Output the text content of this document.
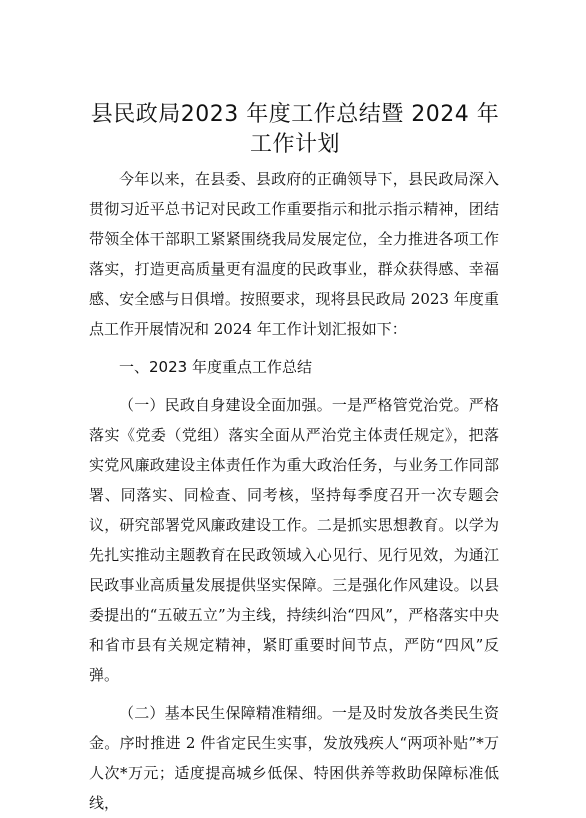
县民政局2023 年度工作总结暨 2024 年工作计划

今年以来，在县委、县政府的正确领导下，县民政局深入贯彻习近平总书记对民政工作重要指示和批示指示精神，团结带领全体干部职工紧紧围绕我局发展定位，全力推进各项工作落实，打造更高质量更有温度的民政事业，群众获得感、幸福感、安全感与日俱增。按照要求，现将县民政局 2023 年度重点工作开展情况和 2024 年工作计划汇报如下：

一、2023 年度重点工作总结

（一）民政自身建设全面加强。一是严格管党治党。严格落实《党委（党组）落实全面从严治党主体责任规定》，把落实党风廉政建设主体责任作为重大政治任务，与业务工作同部署、同落实、同检查、同考核，坚持每季度召开一次专题会议，研究部署党风廉政建设工作。二是抓实思想教育。以学为先扎实推动主题教育在民政领域入心见行、见行见效，为通江民政事业高质量发展提供坚实保障。三是强化作风建设。以县委提出的“五破五立”为主线，持续纠治“四风”，严格落实中央和省市县有关规定精神，紧盯重要时间节点，严防“四风”反弹。

（二）基本民生保障精准精细。一是及时发放各类民生资金。序时推进 2 件省定民生实事，发放残疾人“两项补贴”*万人次*万元；适度提高城乡低保、特困供养等救助保障标准低线，
